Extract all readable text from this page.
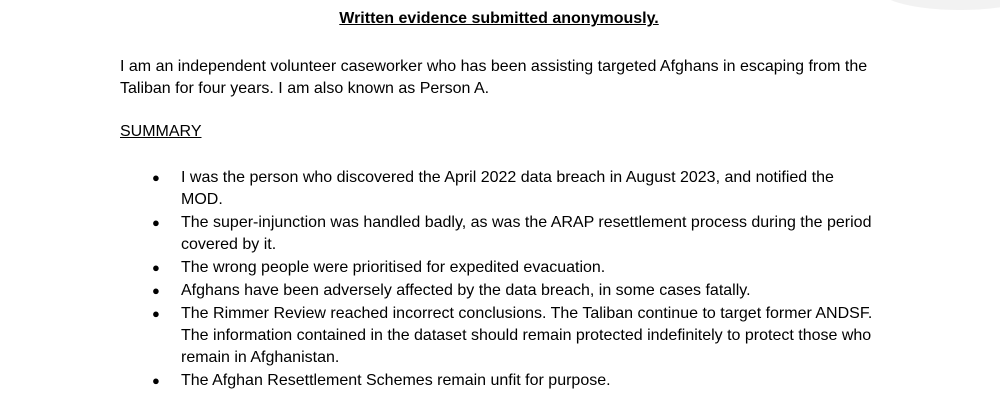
Written evidence submitted anonymously.

I am an independent volunteer caseworker who has been assisting targeted Afghans in escaping from the Taliban for four years. I am also known as Person A.

SUMMARY
● I was the person who discovered the April 2022 data breach in August 2023, and notified the MOD.
● The super-injunction was handled badly, as was the ARAP resettlement process during the period covered by it.
● The wrong people were prioritised for expedited evacuation.
● Afghans have been adversely affected by the data breach, in some cases fatally.
● The Rimmer Review reached incorrect conclusions. The Taliban continue to target former ANDSF. The information contained in the dataset should remain protected indefinitely to protect those who remain in Afghanistan.
● The Afghan Resettlement Schemes remain unfit for purpose.
